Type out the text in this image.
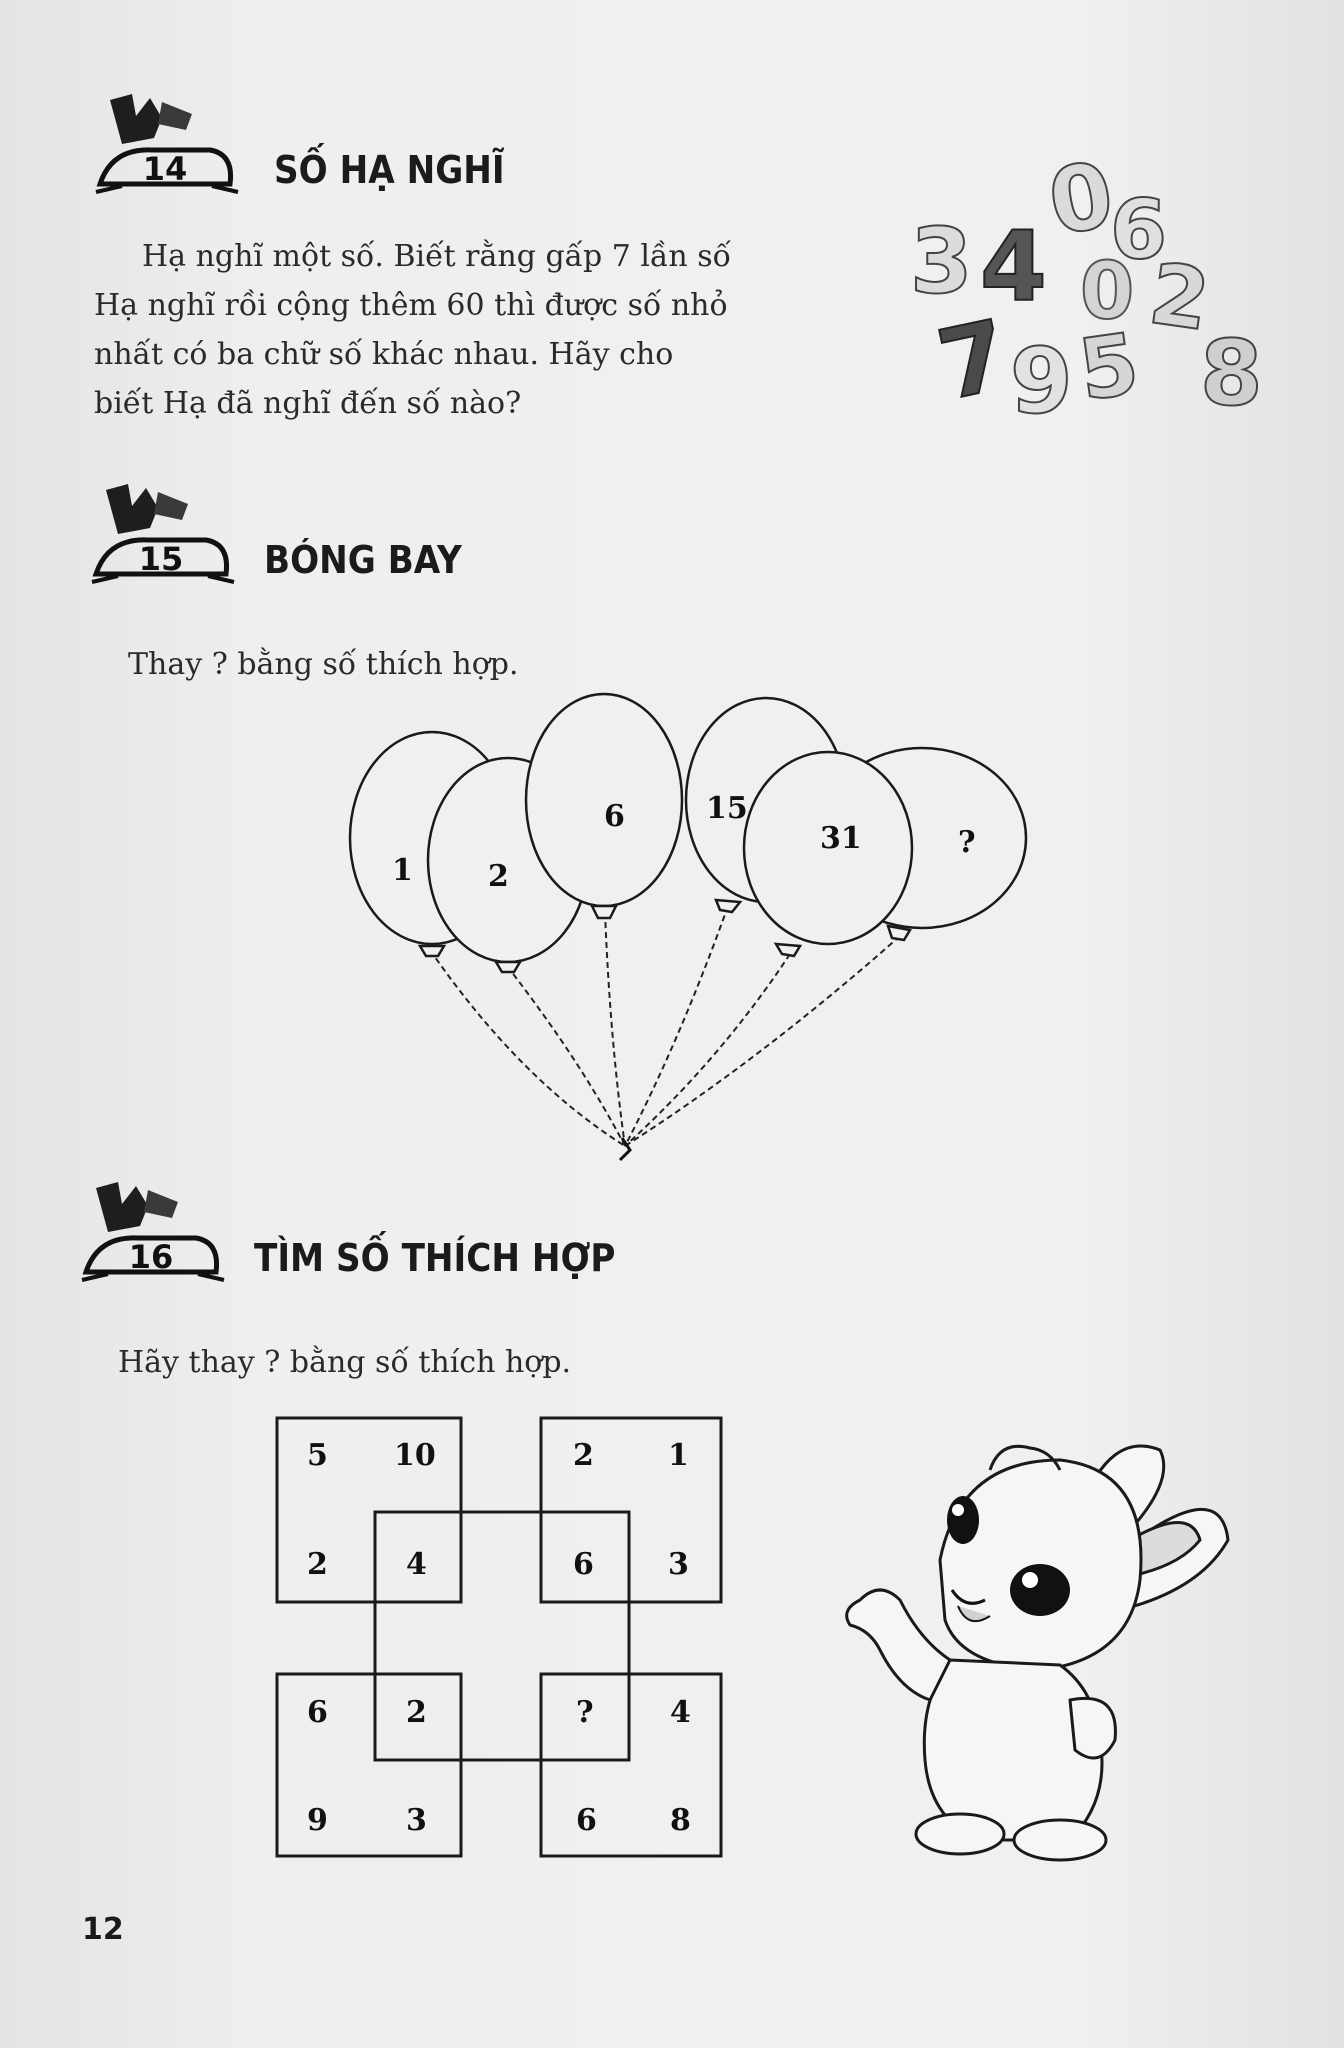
14	SỐ HẠ NGHĨ
Hạ nghĩ một số. Biết rằng gấp 7 lần số
Hạ nghĩ rồi cộng thêm 60 thì được số nhỏ
nhất có ba chữ số khác nhau. Hãy cho
biết Hạ đã nghĩ đến số nào?
3 4
7
0
6
0 2
9 5 8
15	BÓNG BAY
Thay ? bằng số thích hợp.
1	2
6	15
31	?
16	TÌM SỐ THÍCH HỢP
Hãy thay ? bằng số thích hợp.
5 10
2	4
2 1
6 3
6	2
9	3
?	4
6 8
12
